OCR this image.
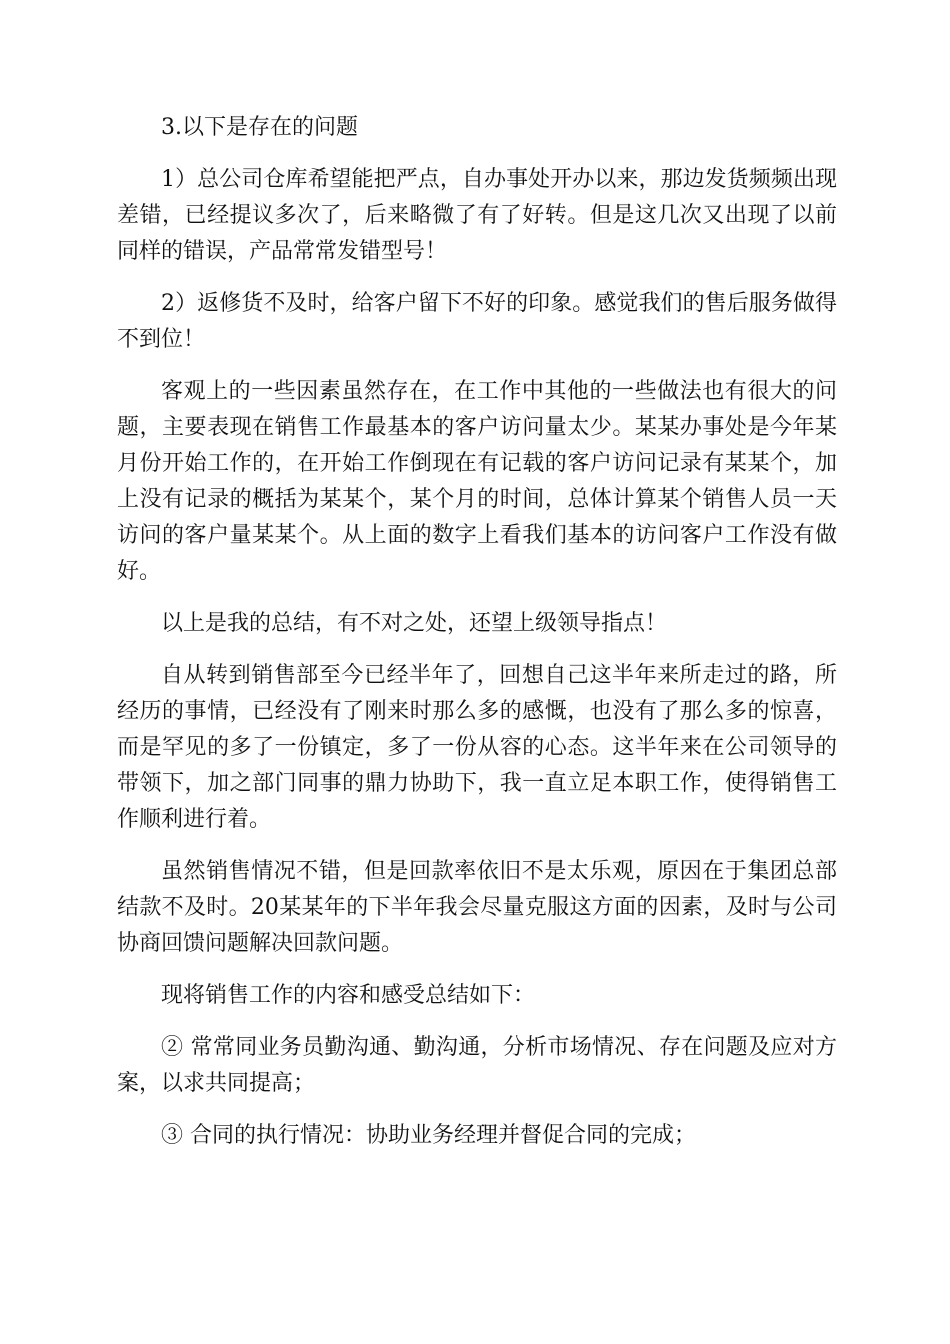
3.以下是存在的问题

1）总公司仓库希望能把严点，自办事处开办以来，那边发货频频出现差错，已经提议多次了，后来略微了有了好转。但是这几次又出现了以前同样的错误，产品常常发错型号！

2）返修货不及时，给客户留下不好的印象。感觉我们的售后服务做得不到位！

客观上的一些因素虽然存在，在工作中其他的一些做法也有很大的问题，主要表现在销售工作最基本的客户访问量太少。某某办事处是今年某月份开始工作的，在开始工作倒现在有记载的客户访问记录有某某个，加上没有记录的概括为某某个，某个月的时间，总体计算某个销售人员一天访问的客户量某某个。从上面的数字上看我们基本的访问客户工作没有做好。

以上是我的总结，有不对之处，还望上级领导指点！

自从转到销售部至今已经半年了，回想自己这半年来所走过的路，所经历的事情，已经没有了刚来时那么多的感慨，也没有了那么多的惊喜，而是罕见的多了一份镇定，多了一份从容的心态。这半年来在公司领导的带领下，加之部门同事的鼎力协助下，我一直立足本职工作，使得销售工作顺利进行着。

虽然销售情况不错，但是回款率依旧不是太乐观，原因在于集团总部结款不及时。20某某年的下半年我会尽量克服这方面的因素，及时与公司协商回馈问题解决回款问题。

现将销售工作的内容和感受总结如下：

② 常常同业务员勤沟通、勤沟通，分析市场情况、存在问题及应对方案，以求共同提高；

③ 合同的执行情况：协助业务经理并督促合同的完成；
